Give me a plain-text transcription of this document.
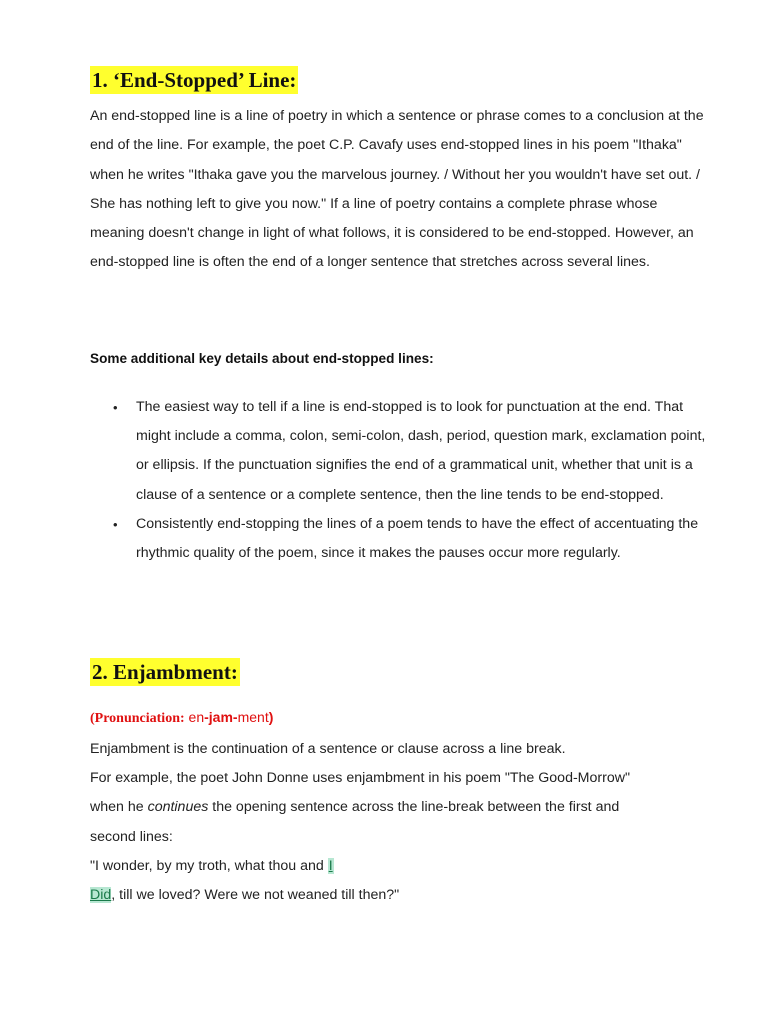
1. ‘End-Stopped’ Line:

An end-stopped line is a line of poetry in which a sentence or phrase comes to a conclusion at the end of the line. For example, the poet C.P. Cavafy uses end-stopped lines in his poem "Ithaka" when he writes "Ithaka gave you the marvelous journey. / Without her you wouldn't have set out. / She has nothing left to give you now." If a line of poetry contains a complete phrase whose meaning doesn't change in light of what follows, it is considered to be end-stopped. However, an end-stopped line is often the end of a longer sentence that stretches across several lines.

Some additional key details about end-stopped lines:

• The easiest way to tell if a line is end-stopped is to look for punctuation at the end. That might include a comma, colon, semi-colon, dash, period, question mark, exclamation point, or ellipsis. If the punctuation signifies the end of a grammatical unit, whether that unit is a clause of a sentence or a complete sentence, then the line tends to be end-stopped.
• Consistently end-stopping the lines of a poem tends to have the effect of accentuating the rhythmic quality of the poem, since it makes the pauses occur more regularly.
2. Enjambment:

(Pronunciation: en-jam-ment)

Enjambment is the continuation of a sentence or clause across a line break.
For example, the poet John Donne uses enjambment in his poem "The Good-Morrow"
when he continues the opening sentence across the line-break between the first and
second lines:
"I wonder, by my troth, what thou and I
Did, till we loved? Were we not weaned till then?"
